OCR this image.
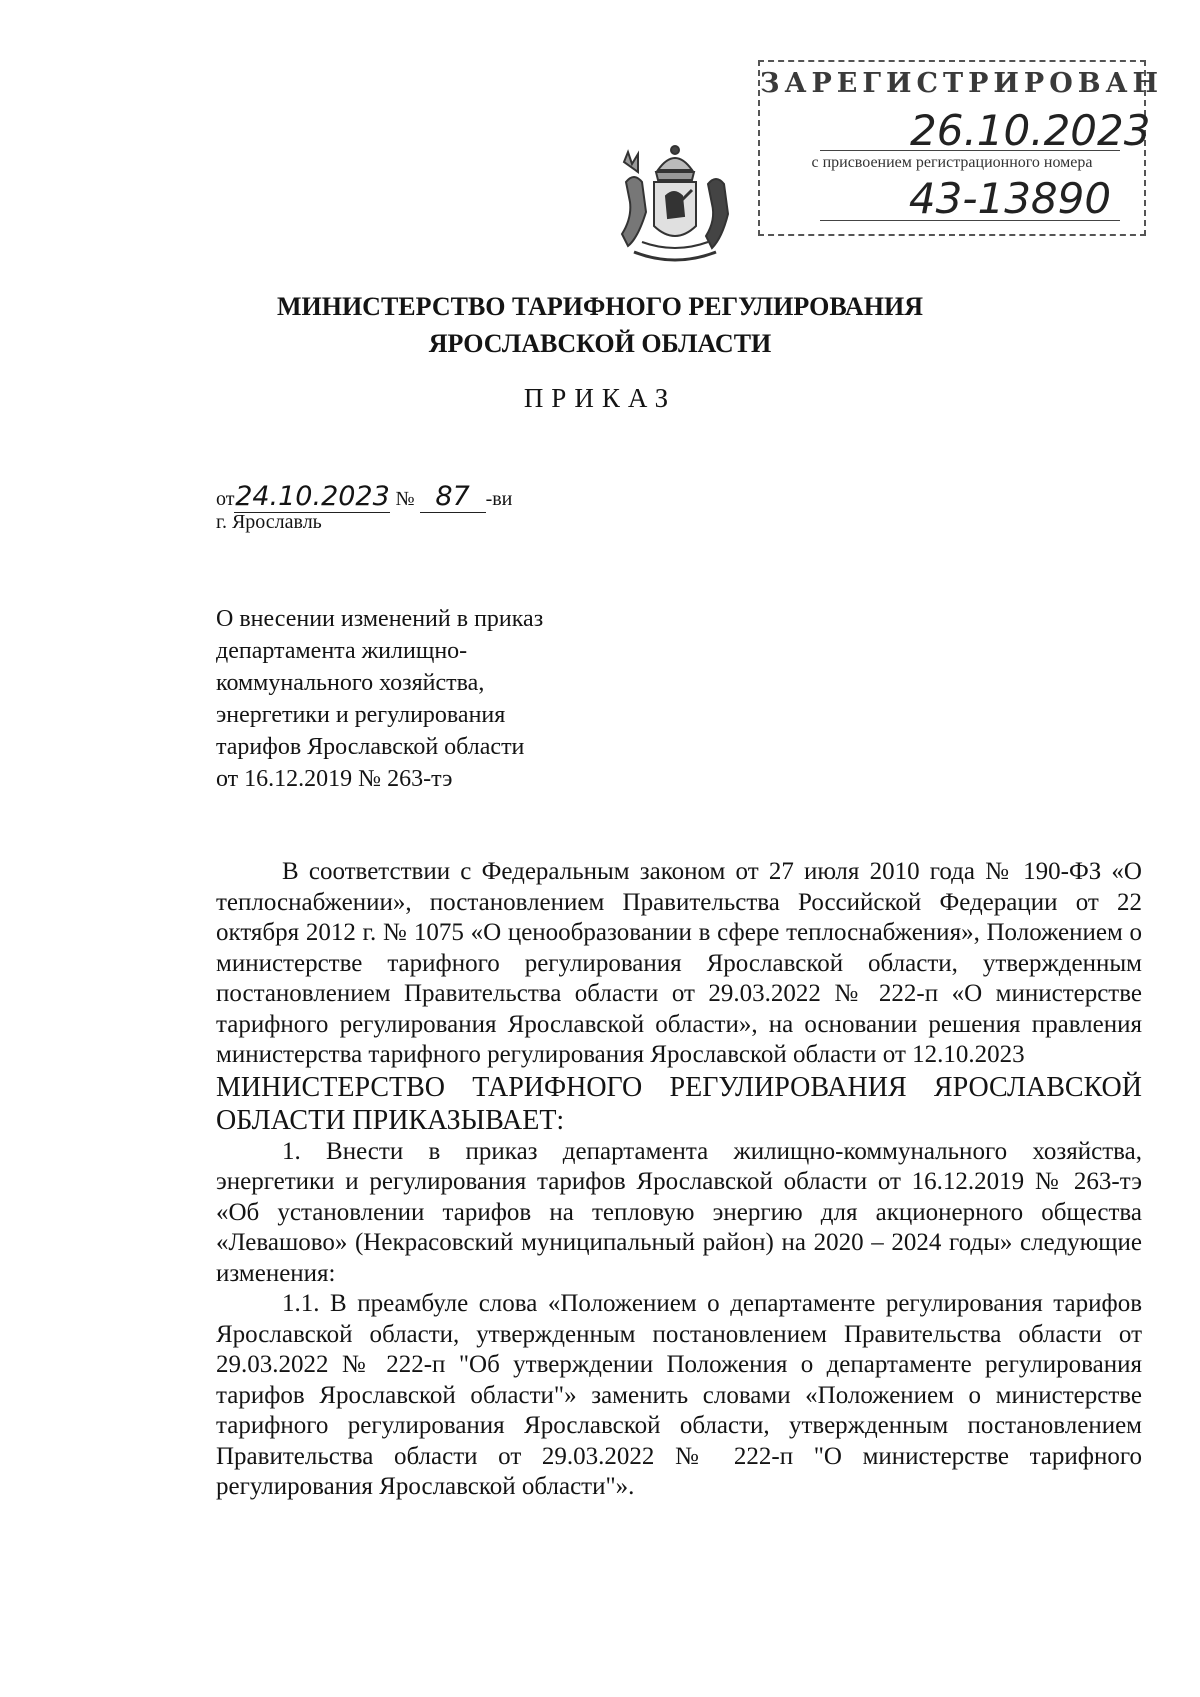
ЗАРЕГИСТРИРОВАН
26.10.2023
с присвоением регистрационного номера
43-13890
МИНИСТЕРСТВО ТАРИФНОГО РЕГУЛИРОВАНИЯ
ЯРОСЛАВСКОЙ ОБЛАСТИ
ПРИКАЗ
от24.10.2023 № 87 -ви
г. Ярославль
О внесении изменений в приказ
департамента жилищно-
коммунального хозяйства,
энергетики и регулирования
тарифов Ярославской области
от 16.12.2019 № 263-тэ

В соответствии с Федеральным законом от 27 июля 2010 года № 190-ФЗ «О теплоснабжении», постановлением Правительства Российской Федерации от 22 октября 2012 г. № 1075 «О ценообразовании в сфере теплоснабжения», Положением о министерстве тарифного регулирования Ярославской области, утвержденным постановлением Правительства области от 29.03.2022 № 222-п «О министерстве тарифного регулирования Ярославской области», на основании решения правления министерства тарифного регулирования Ярославской области от 12.10.2023

МИНИСТЕРСТВО ТАРИФНОГО РЕГУЛИРОВАНИЯ ЯРОСЛАВСКОЙ ОБЛАСТИ ПРИКАЗЫВАЕТ:

1. Внести в приказ департамента жилищно-коммунального хозяйства, энергетики и регулирования тарифов Ярославской области от 16.12.2019 № 263-тэ «Об установлении тарифов на тепловую энергию для акционерного общества «Левашово» (Некрасовский муниципальный район) на 2020 – 2024 годы» следующие изменения:

1.1. В преамбуле слова «Положением о департаменте регулирования тарифов Ярославской области, утвержденным постановлением Правительства области от 29.03.2022 № 222-п "Об утверждении Положения о департаменте регулирования тарифов Ярославской области"» заменить словами «Положением о министерстве тарифного регулирования Ярославской области, утвержденным постановлением Правительства области от 29.03.2022 № 222-п "О министерстве тарифного регулирования Ярославской области"».
